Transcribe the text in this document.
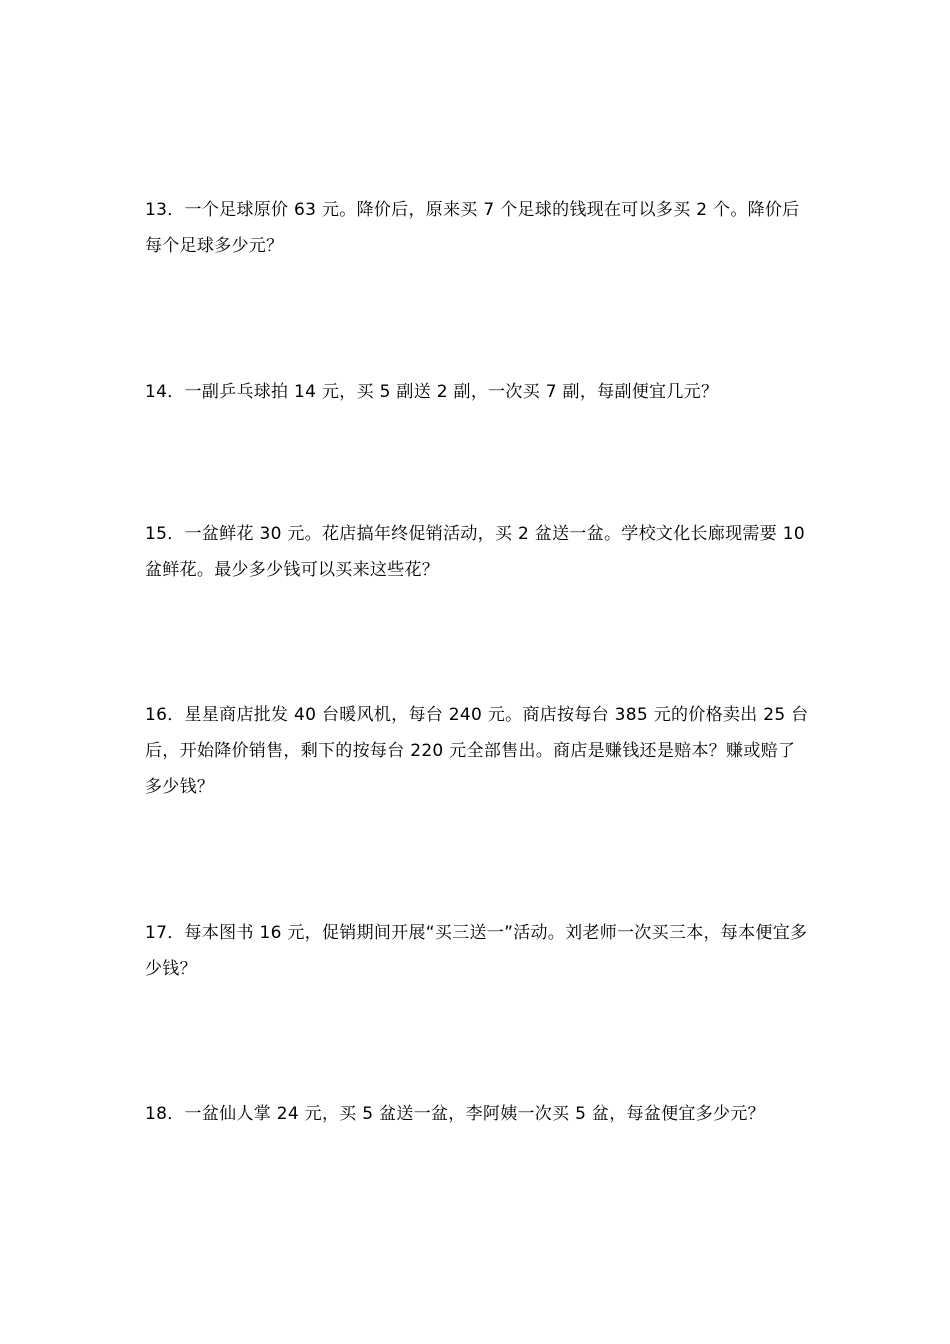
13．一个足球原价 63 元。降价后，原来买 7 个足球的钱现在可以多买 2 个。降价后每个足球多少元？

14．一副乒乓球拍 14 元，买 5 副送 2 副，一次买 7 副，每副便宜几元？

15．一盆鲜花 30 元。花店搞年终促销活动，买 2 盆送一盆。学校文化长廊现需要 10 盆鲜花。最少多少钱可以买来这些花？

16．星星商店批发 40 台暖风机，每台 240 元。商店按每台 385 元的价格卖出 25 台后，开始降价销售，剩下的按每台 220 元全部售出。商店是赚钱还是赔本？赚或赔了多少钱？

17．每本图书 16 元，促销期间开展“买三送一”活动。刘老师一次买三本，每本便宜多少钱？

18．一盆仙人掌 24 元，买 5 盆送一盆，李阿姨一次买 5 盆，每盆便宜多少元？
